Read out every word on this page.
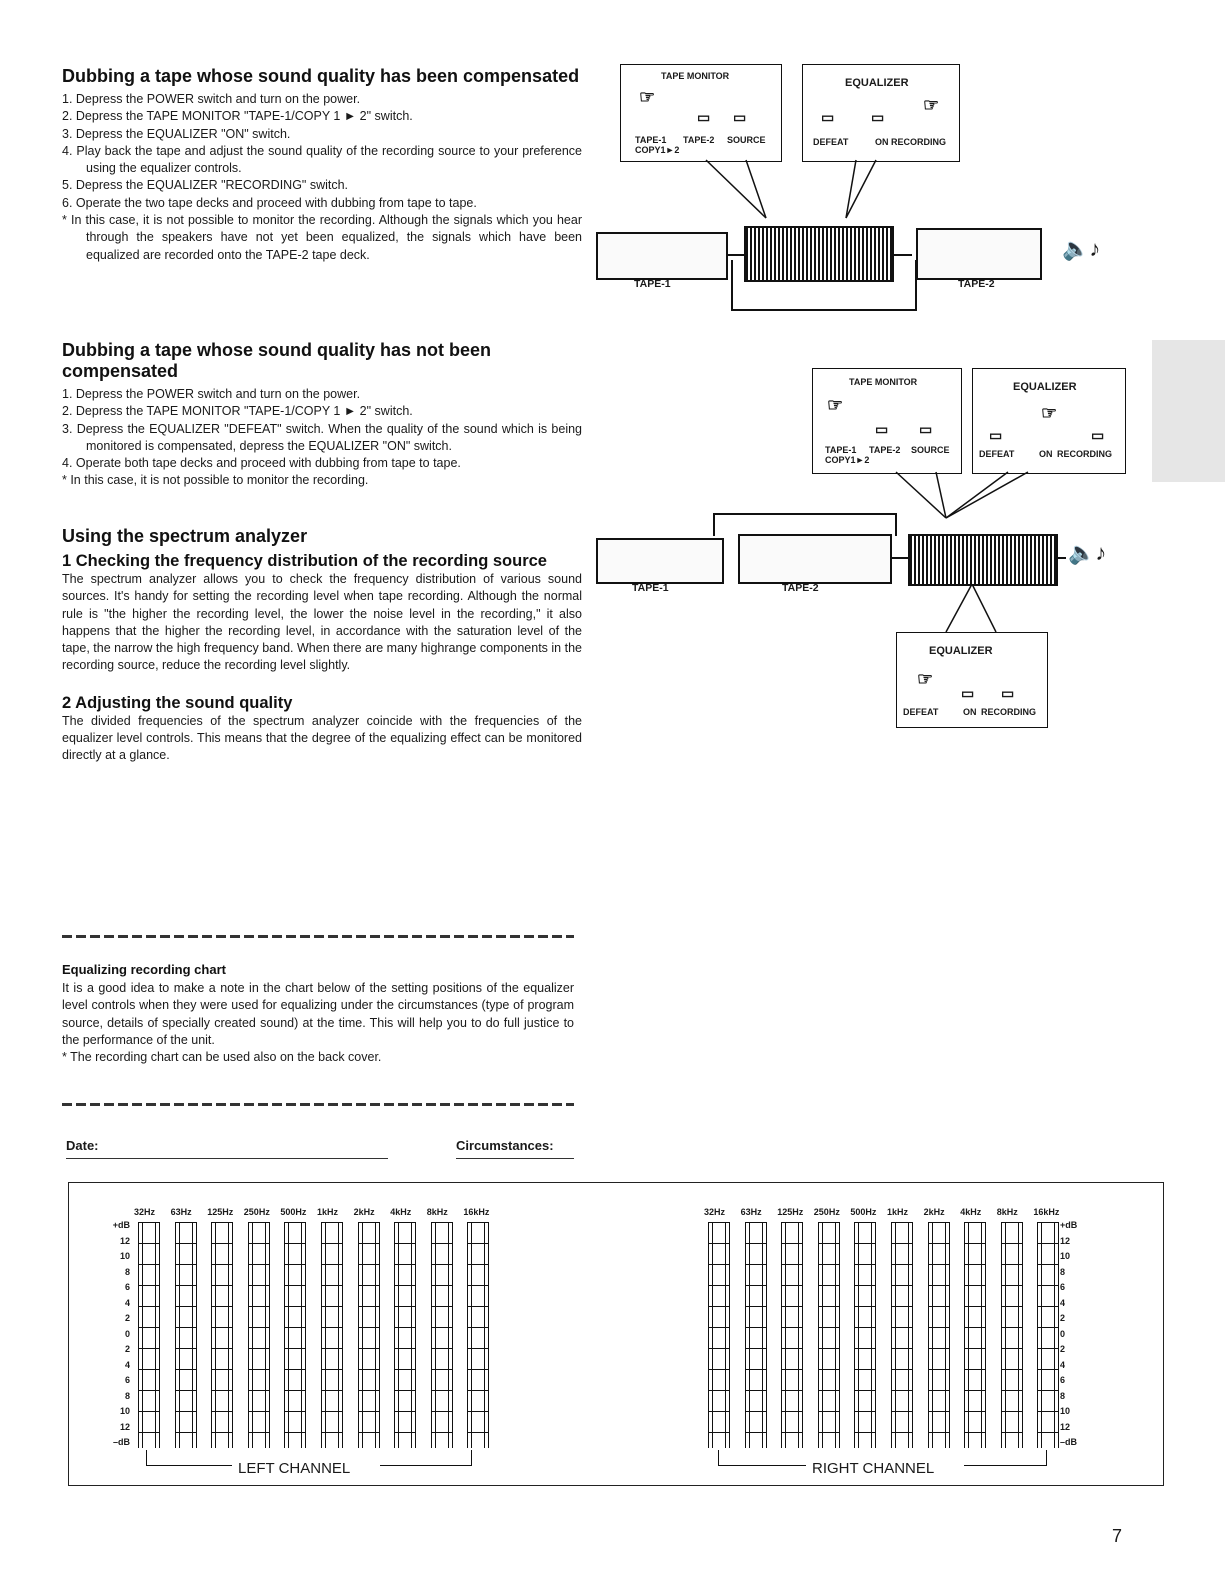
Dubbing a tape whose sound quality has been compensated
1. Depress the POWER switch and turn on the power.
2. Depress the TAPE MONITOR "TAPE-1/COPY 1 ► 2" switch.
3. Depress the EQUALIZER "ON" switch.
4. Play back the tape and adjust the sound quality of the recording source to your preference using the equalizer controls.
5. Depress the EQUALIZER "RECORDING" switch.
6. Operate the two tape decks and proceed with dubbing from tape to tape.

* In this case, it is not possible to monitor the recording. Although the signals which you hear through the speakers have not yet been equalized, the signals which have been equalized are recorded onto the TAPE-2 tape deck.

Dubbing a tape whose sound quality has not been compensated
1. Depress the POWER switch and turn on the power.
2. Depress the TAPE MONITOR "TAPE-1/COPY 1 ► 2" switch.
3. Depress the EQUALIZER "DEFEAT" switch. When the quality of the sound which is being monitored is compensated, depress the EQUALIZER "ON" switch.
4. Operate both tape decks and proceed with dubbing from tape to tape.

* In this case, it is not possible to monitor the recording.

Using the spectrum analyzer
1 Checking the frequency distribution of the recording source

The spectrum analyzer allows you to check the frequency distribution of various sound sources. It's handy for setting the recording level when tape recording. Although the normal rule is "the higher the recording level, the lower the noise level in the recording," it also happens that the higher the recording level, in accordance with the saturation level of the tape, the narrow the high frequency band. When there are many highrange components in the recording source, reduce the recording level slightly.

2 Adjusting the sound quality

The divided frequencies of the spectrum analyzer coincide with the frequencies of the equalizer level controls. This means that the degree of the equalizing effect can be monitored directly at a glance.

Equalizing recording chart

It is a good idea to make a note in the chart below of the setting positions of the equalizer level controls when they were used for equalizing under the circumstances (type of program source, details of specially created sound) at the time. This will help you to do full justice to the performance of the unit.

* The recording chart can be used also on the back cover.

Date:	Circumstances:
TAPE MONITOR
☞
▭ ▭
TAPE-1 TAPE-2 SOURCE
COPY1►2
EQUALIZER
☞
▭	▭
DEFEAT	ON RECORDING
TAPE-1	TAPE-2
🔈♪
TAPE MONITOR
☞
▭ ▭
TAPE-1 TAPE-2 SOURCE
COPY1►2
EQUALIZER
☞
▭	▭
DEFEAT	ON RECORDING
TAPE-1	TAPE-2
🔈♪
EQUALIZER
☞
▭ ▭
DEFEAT	ON RECORDING
32Hz 63Hz 125Hz 250Hz 500Hz 1kHz 2kHz 4kHz 8kHz 16kHz
+dB
12
10
8
6
4
2
0
2
4
6
8
10
12
–dB
32Hz 63Hz 125Hz 250Hz 500Hz 1kHz 2kHz 4kHz 8kHz 16kHz
+dB
12
10
8
6
4
2
0
2
4
6
8
10
12
–dB
LEFT CHANNEL	RIGHT CHANNEL
7
